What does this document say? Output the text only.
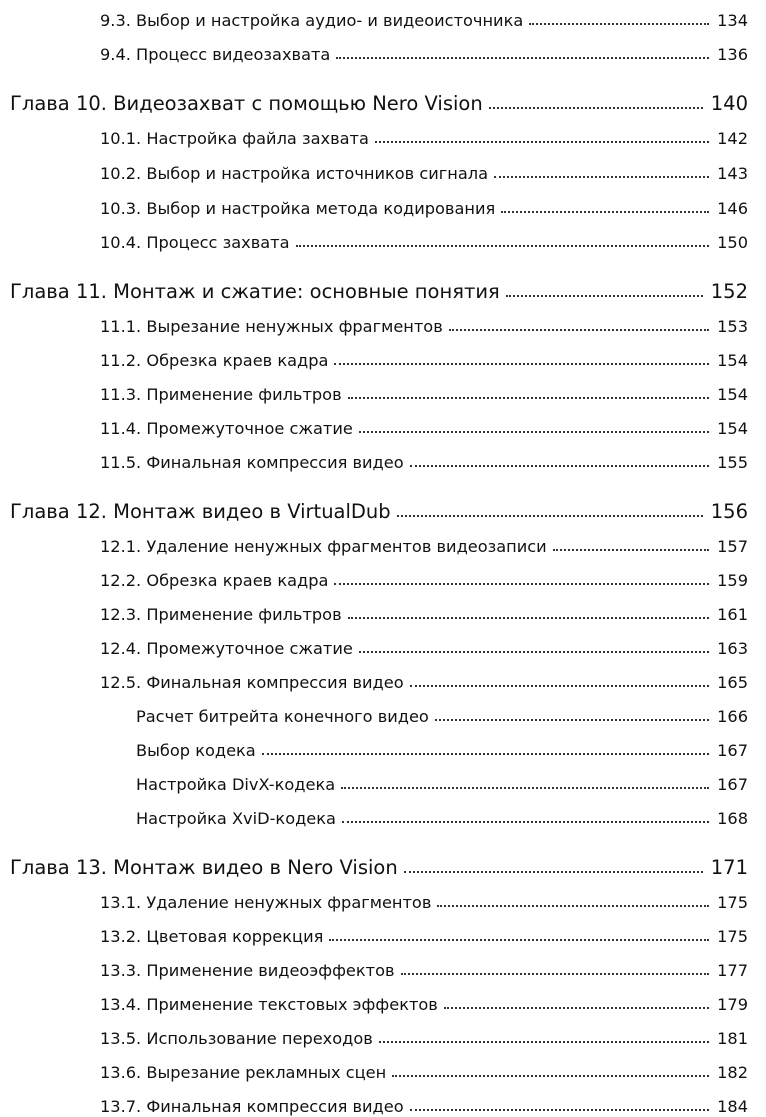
9.3. Выбор и настройка аудио- и видеоисточника	134
9.4. Процесс видеозахвата	136
Глава 10. Видеозахват с помощью Nero Vision	140
10.1. Настройка файла захвата	142
10.2. Выбор и настройка источников сигнала	143
10.3. Выбор и настройка метода кодирования	146
10.4. Процесс захвата	150
Глава 11. Монтаж и сжатие: основные понятия	152
11.1. Вырезание ненужных фрагментов	153
11.2. Обрезка краев кадра	154
11.3. Применение фильтров	154
11.4. Промежуточное сжатие	154
11.5. Финальная компрессия видео	155
Глава 12. Монтаж видео в VirtualDub	156
12.1. Удаление ненужных фрагментов видеозаписи	157
12.2. Обрезка краев кадра	159
12.3. Применение фильтров	161
12.4. Промежуточное сжатие	163
12.5. Финальная компрессия видео	165
Расчет битрейта конечного видео	166
Выбор кодека	167
Настройка DivX-кодека	167
Настройка XviD-кодека	168
Глава 13. Монтаж видео в Nero Vision	171
13.1. Удаление ненужных фрагментов	175
13.2. Цветовая коррекция	175
13.3. Применение видеоэффектов	177
13.4. Применение текстовых эффектов	179
13.5. Использование переходов	181
13.6. Вырезание рекламных сцен	182
13.7. Финальная компрессия видео	184
